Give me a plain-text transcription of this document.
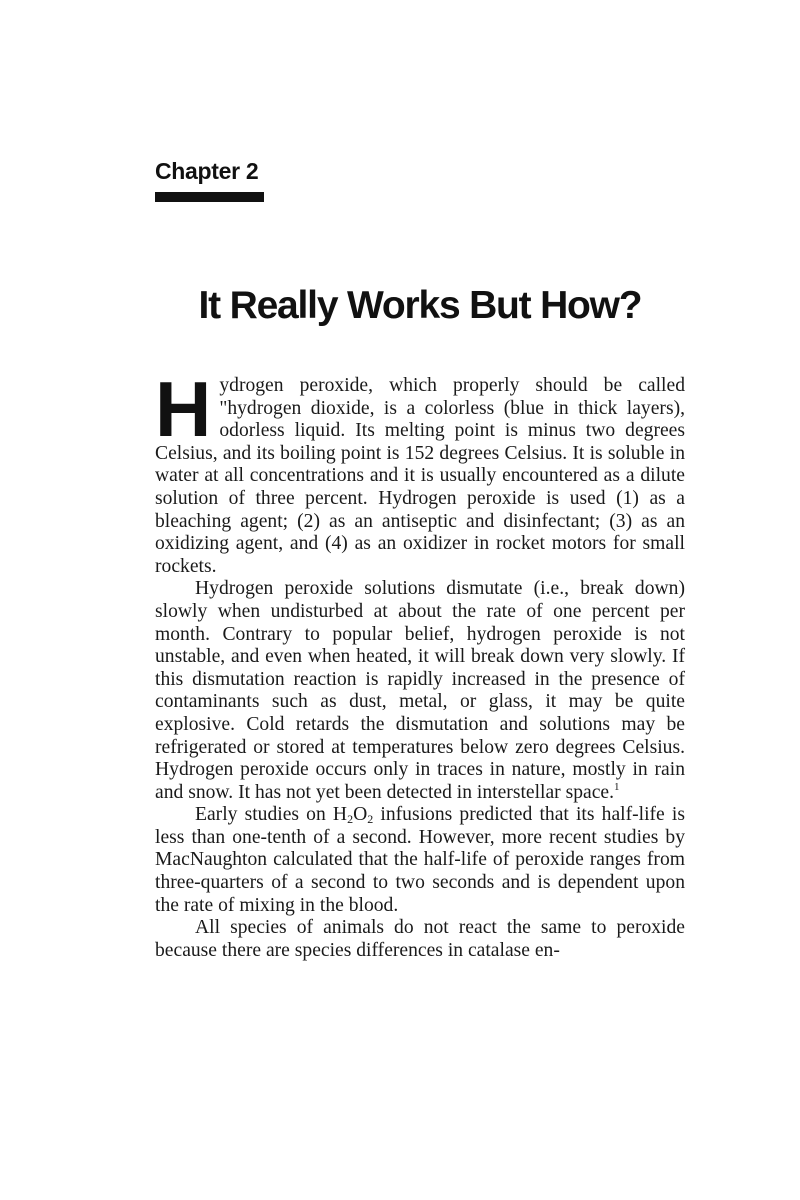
Chapter 2
It Really Works But How?

Hydrogen peroxide, which properly should be called "hydrogen dioxide, is a colorless (blue in thick layers), odorless liquid. Its melting point is minus two degrees Celsius, and its boiling point is 152 degrees Celsius. It is soluble in water at all concentrations and it is usually encountered as a dilute solution of three percent. Hydrogen peroxide is used (1) as a bleaching agent; (2) as an antiseptic and disinfectant; (3) as an oxidizing agent, and (4) as an oxidizer in rocket motors for small rockets.

Hydrogen peroxide solutions dismutate (i.e., break down) slowly when undisturbed at about the rate of one percent per month. Contrary to popular belief, hydrogen peroxide is not unstable, and even when heated, it will break down very slowly. If this dismutation reaction is rapidly increased in the presence of contaminants such as dust, metal, or glass, it may be quite explosive. Cold retards the dismutation and solutions may be refrigerated or stored at temperatures below zero degrees Celsius. Hydrogen peroxide occurs only in traces in nature, mostly in rain and snow. It has not yet been detected in interstellar space.$^1$

Early studies on $H_2O_2$ infusions predicted that its half-life is less than one-tenth of a second. However, more recent studies by MacNaughton calculated that the half-life of peroxide ranges from three-quarters of a second to two seconds and is dependent upon the rate of mixing in the blood.

All species of animals do not react the same to peroxide because there are species differences in catalase en-
